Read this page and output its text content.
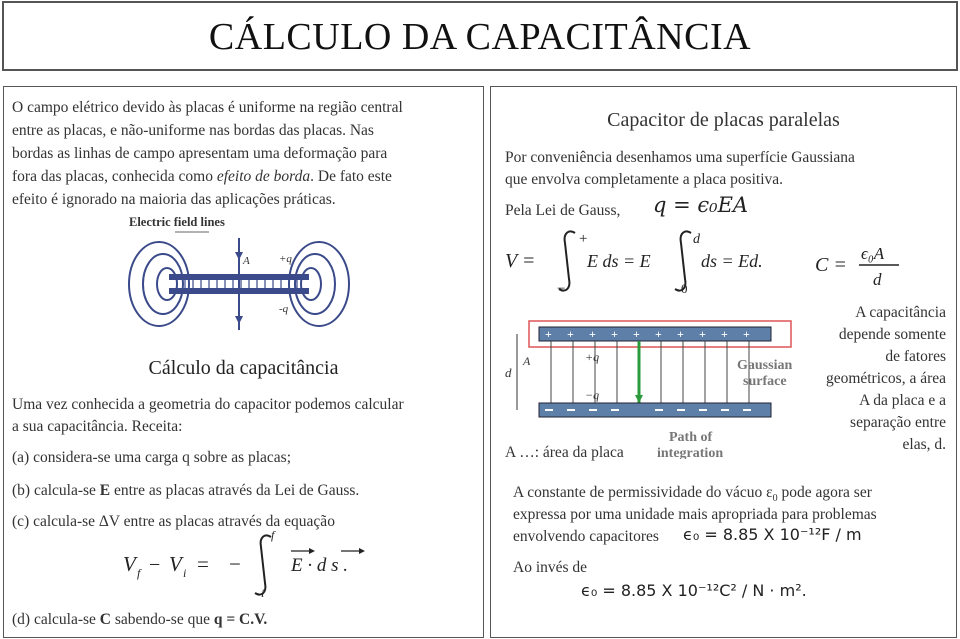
CÁLCULO DA CAPACITÂNCIA
O campo elétrico devido às placas é uniforme na região central
entre as placas, e não-uniforme nas bordas das placas. Nas
bordas as linhas de campo apresentam uma deformação para
fora das placas, conhecida como efeito de borda. De fato este
efeito é ignorado na maioria das aplicações práticas.
Electric field lines
A	+q
-q
Cálculo da capacitância
Uma vez conhecida a geometria do capacitor podemos calcular
a sua capacitância. Receita:
(a) considera-se uma carga q sobre as placas;
(b) calcula-se E entre as placas através da Lei de Gauss.
(c) calcula-se ΔV entre as placas através da equação
V f − V i = −
f
i
E · d s .
(d) calcula-se C sabendo-se que q = C.V.
Capacitor de placas paralelas
Por conveniência desenhamos uma superfície Gaussiana
que envolva completamente a placa positiva.
Pela Lei de Gauss, q = ϵ₀EA
V =
+
−
E ds = E
d
0
ds = Ed.	C =
ϵ₀A
d
+ + + + + + + + + +
d
A	+q
−q
Gaussian
surface
Path of
integration
A …: área da placa
A capacitância
depende somente
de fatores
geométricos, a área
A da placa e a
separação entre
elas, d.
A constante de permissividade do vácuo $\varepsilon_0$ pode agora ser
expressa por uma unidade mais apropriada para problemas
envolvendo capacitores ϵ₀ = 8.85 X 10⁻¹²F / m
Ao invés de
ϵ₀ = 8.85 X 10⁻¹²C² / N · m².
